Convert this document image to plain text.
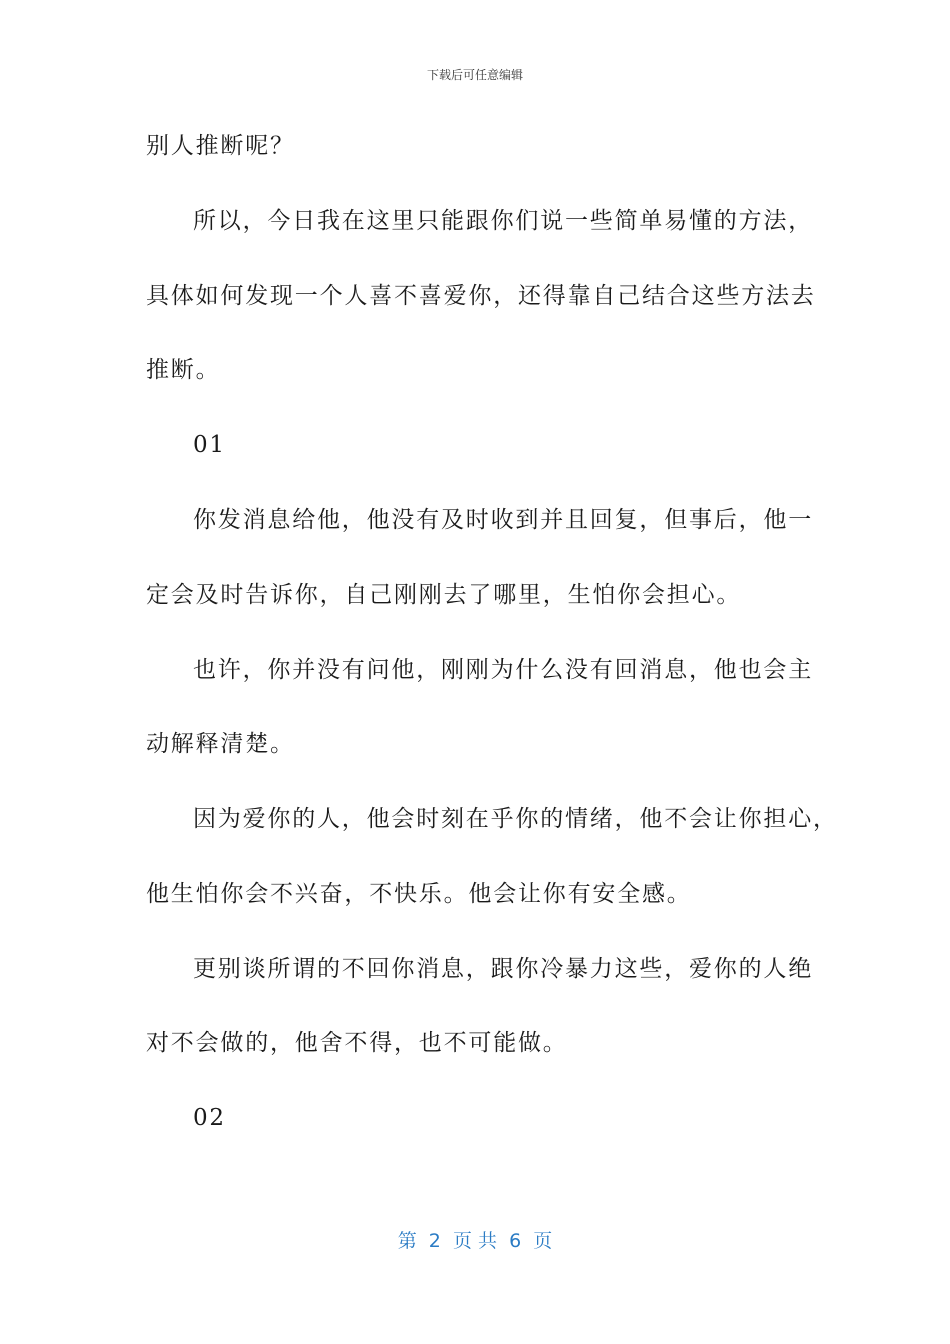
下载后可任意编辑
别人推断呢？
所以，今日我在这里只能跟你们说一些简单易懂的方法，
具体如何发现一个人喜不喜爱你，还得靠自己结合这些方法去
推断。
01
你发消息给他，他没有及时收到并且回复，但事后，他一
定会及时告诉你，自己刚刚去了哪里，生怕你会担心。
也许，你并没有问他，刚刚为什么没有回消息，他也会主
动解释清楚。
因为爱你的人，他会时刻在乎你的情绪，他不会让你担心，
他生怕你会不兴奋，不快乐。他会让你有安全感。
更别谈所谓的不回你消息，跟你冷暴力这些，爱你的人绝
对不会做的，他舍不得，也不可能做。
02
第  2  页 共  6  页
